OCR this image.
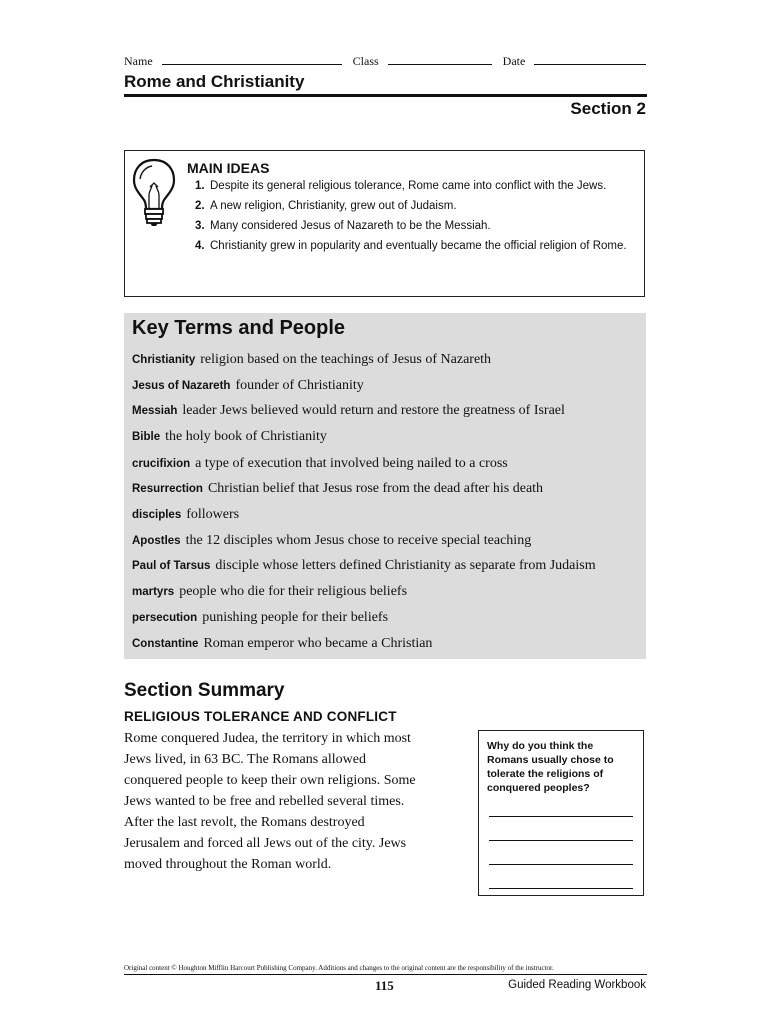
Name	Class	Date
Rome and Christianity
Section 2
MAIN IDEAS
1. Despite its general religious tolerance, Rome came into conflict with the Jews.
2. A new religion, Christianity, grew out of Judaism.
3. Many considered Jesus of Nazareth to be the Messiah.
4. Christianity grew in popularity and eventually became the official religion of Rome.
Key Terms and People
Christianity religion based on the teachings of Jesus of Nazareth
Jesus of Nazareth founder of Christianity
Messiah leader Jews believed would return and restore the greatness of Israel
Bible the holy book of Christianity
crucifixion a type of execution that involved being nailed to a cross
Resurrection Christian belief that Jesus rose from the dead after his death
disciples followers
Apostles the 12 disciples whom Jesus chose to receive special teaching
Paul of Tarsus disciple whose letters defined Christianity as separate from Judaism
martyrs people who die for their religious beliefs
persecution punishing people for their beliefs
Constantine Roman emperor who became a Christian
Section Summary
RELIGIOUS TOLERANCE AND CONFLICT
Rome conquered Judea, the territory in which most
Jews lived, in 63 BC. The Romans allowed
conquered people to keep their own religions. Some
Jews wanted to be free and rebelled several times.
After the last revolt, the Romans destroyed
Jerusalem and forced all Jews out of the city. Jews
moved throughout the Roman world.
Why do you think the
Romans usually chose to
tolerate the religions of
conquered peoples?
Original content © Houghton Mifflin Harcourt Publishing Company. Additions and changes to the original content are the responsibility of the instructor.
115	Guided Reading Workbook
